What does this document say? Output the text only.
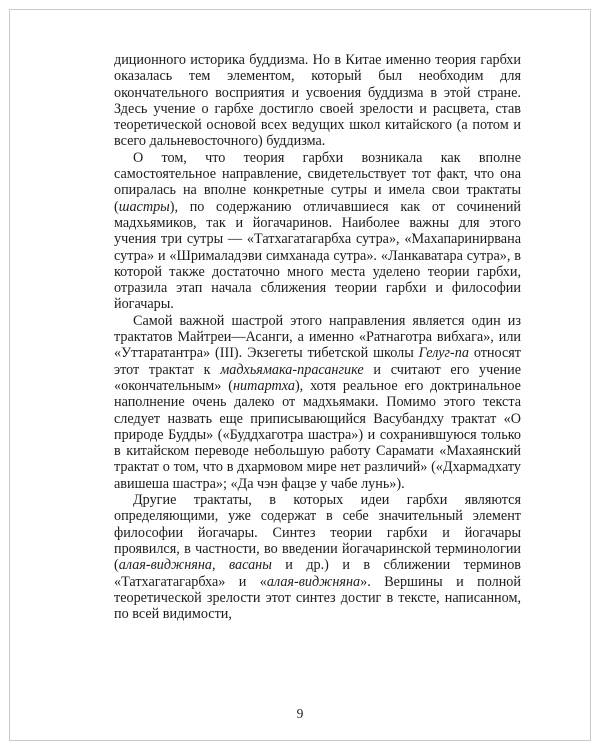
диционного историка буддизма. Но в Китае именно теория гарбхи оказалась тем элементом, который был необходим для окончательного восприятия и усвоения буддизма в этой стране. Здесь учение о гарбхе достигло своей зрелости и расцвета, став теоретической основой всех ведущих школ китайского (а потом и всего дальневосточного) буддизма.

О том, что теория гарбхи возникала как вполне самостоятельное направление, свидетельствует тот факт, что она опиралась на вполне конкретные сутры и имела свои трактаты (шастры), по содержанию отличавшиеся как от сочинений мадхьямиков, так и йогачаринов. Наиболее важны для этого учения три сутры — «Татхагатагарбха сутра», «Махапаринирвана сутра» и «Шрималадэви симханада сутра». «Ланкаватара сутра», в которой также достаточно много места уделено теории гарбхи, отразила этап начала сближения теории гарбхи и философии йогачары.

Самой важной шастрой этого направления является один из трактатов Майтреи—Асанги, а именно «Ратнаготра вибхага», или «Уттаратантра» (III). Экзегеты тибетской школы Гелуг-па относят этот трактат к мадхьямака-прасангике и считают его учение «окончательным» (нитартха), хотя реальное его доктринальное наполнение очень далеко от мадхьямаки. Помимо этого текста следует назвать еще приписывающийся Васубандху трактат «О природе Будды» («Буддхаготра шастра») и сохранившуюся только в китайском переводе небольшую работу Сарамати «Махаянский трактат о том, что в дхармовом мире нет различий» («Дхармадхату авишеша шастра»; «Да чэн фацзе у чабе лунь»).

Другие трактаты, в которых идеи гарбхи являются определяющими, уже содержат в себе значительный элемент философии йогачары. Синтез теории гарбхи и йогачары проявился, в частности, во введении йогачаринской терминологии (алая-виджняна, васаны и др.) и в сближении терминов «Татхагатагарбха» и «алая-виджняна». Вершины и полной теоретической зрелости этот синтез достиг в тексте, написанном, по всей видимости,

9
